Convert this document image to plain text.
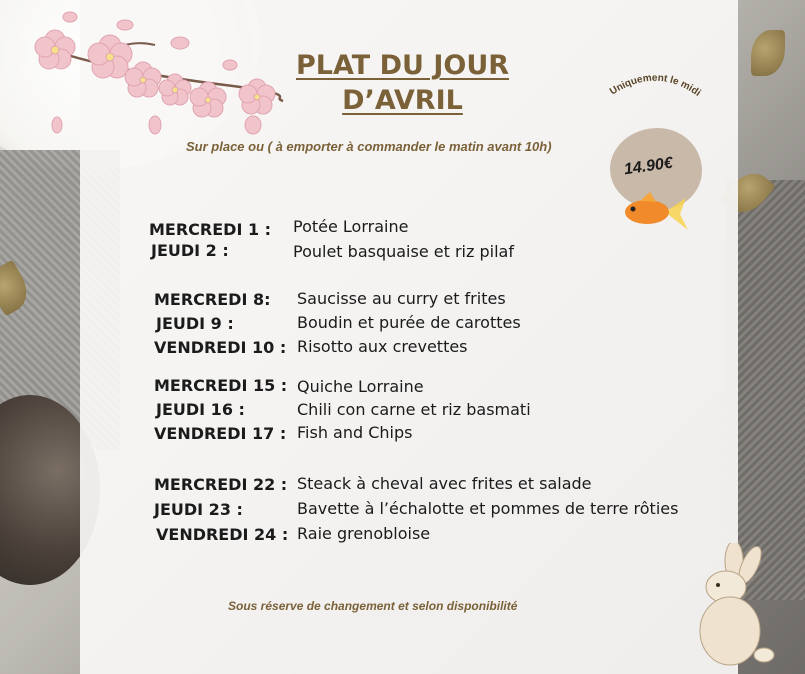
PLAT DU JOUR
D’AVRIL
Sur place ou ( à emporter à commander le matin avant 10h)
Uniquement le midi
14.90€
MERCREDI 1 : Potée Lorraine
JEUDI 2 :	Poulet basquaise et riz pilaf
MERCREDI 8: Saucisse au curry et frites
JEUDI 9 :	Boudin et purée de carottes
VENDREDI 10 : Risotto aux crevettes
MERCREDI 15 : Quiche Lorraine
JEUDI 16 :	Chili con carne et riz basmati
VENDREDI 17 : Fish and Chips
MERCREDI 22 : Steack à cheval avec frites et salade
JEUDI 23 :	Bavette à l’échalotte et pommes de terre rôties
VENDREDI 24 : Raie grenobloise
Sous réserve de changement et selon disponibilité
